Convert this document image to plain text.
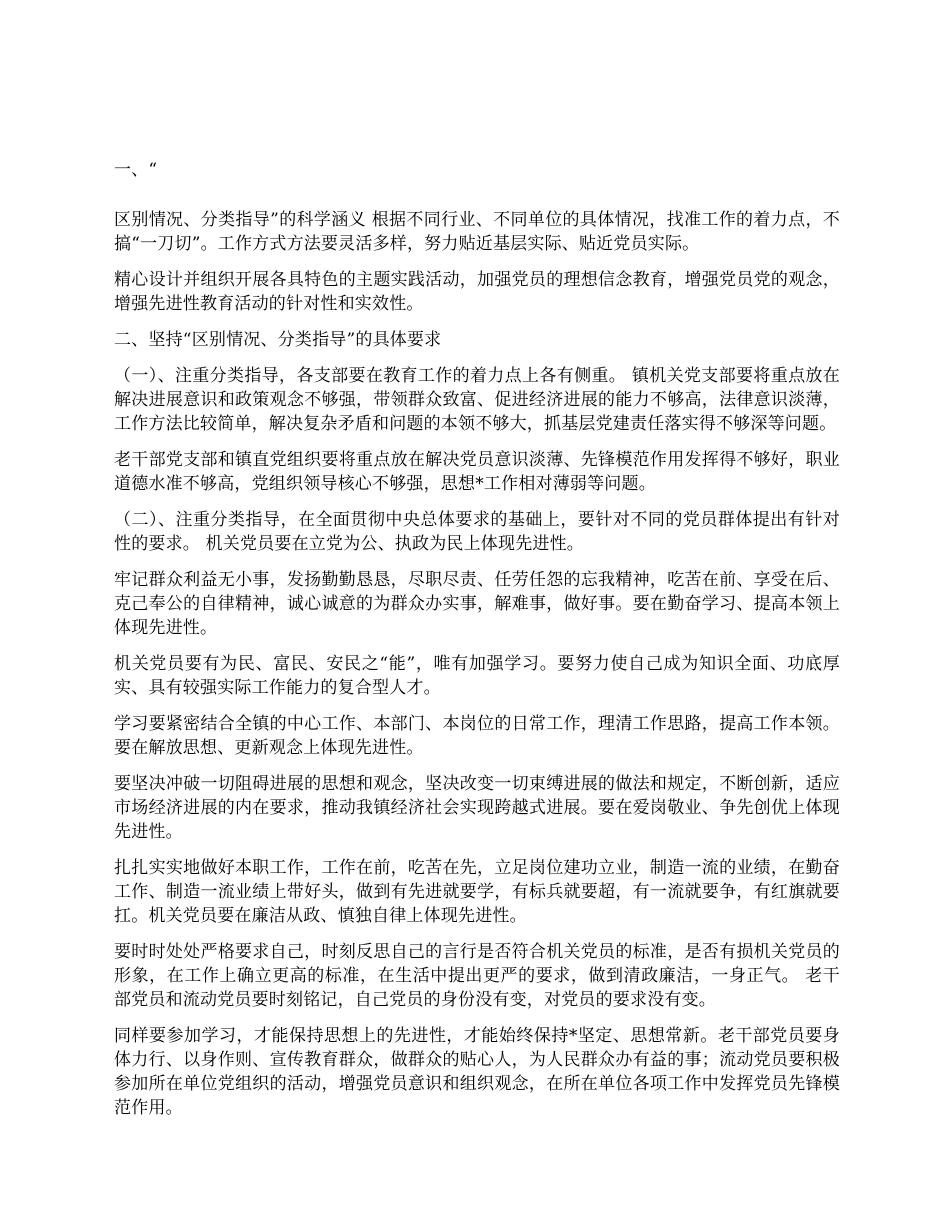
一、“

区别情况、分类指导”的科学涵义 根据不同行业、不同单位的具体情况，找准工作的着力点，不搞“一刀切”。工作方式方法要灵活多样，努力贴近基层实际、贴近党员实际。

精心设计并组织开展各具特色的主题实践活动，加强党员的理想信念教育，增强党员党的观念，增强先进性教育活动的针对性和实效性。

二、坚持“区别情况、分类指导”的具体要求

（一）、注重分类指导，各支部要在教育工作的着力点上各有侧重。 镇机关党支部要将重点放在解决进展意识和政策观念不够强，带领群众致富、促进经济进展的能力不够高，法律意识淡薄，工作方法比较简单，解决复杂矛盾和问题的本领不够大，抓基层党建责任落实得不够深等问题。

老干部党支部和镇直党组织要将重点放在解决党员意识淡薄、先锋模范作用发挥得不够好，职业道德水准不够高，党组织领导核心不够强，思想*工作相对薄弱等问题。

（二）、注重分类指导，在全面贯彻中央总体要求的基础上，要针对不同的党员群体提出有针对性的要求。 机关党员要在立党为公、执政为民上体现先进性。

牢记群众利益无小事，发扬勤勤恳恳，尽职尽责、任劳任怨的忘我精神，吃苦在前、享受在后、克己奉公的自律精神，诚心诚意的为群众办实事，解难事，做好事。要在勤奋学习、提高本领上体现先进性。

机关党员要有为民、富民、安民之“能”，唯有加强学习。要努力使自己成为知识全面、功底厚实、具有较强实际工作能力的复合型人才。

学习要紧密结合全镇的中心工作、本部门、本岗位的日常工作，理清工作思路，提高工作本领。要在解放思想、更新观念上体现先进性。

要坚决冲破一切阻碍进展的思想和观念，坚决改变一切束缚进展的做法和规定，不断创新，适应市场经济进展的内在要求，推动我镇经济社会实现跨越式进展。要在爱岗敬业、争先创优上体现先进性。

扎扎实实地做好本职工作，工作在前，吃苦在先，立足岗位建功立业，制造一流的业绩，在勤奋工作、制造一流业绩上带好头，做到有先进就要学，有标兵就要超，有一流就要争，有红旗就要扛。机关党员要在廉洁从政、慎独自律上体现先进性。

要时时处处严格要求自己，时刻反思自己的言行是否符合机关党员的标准，是否有损机关党员的形象，在工作上确立更高的标准，在生活中提出更严的要求，做到清政廉洁，一身正气。 老干部党员和流动党员要时刻铭记，自己党员的身份没有变，对党员的要求没有变。

同样要参加学习，才能保持思想上的先进性，才能始终保持*坚定、思想常新。老干部党员要身体力行、以身作则、宣传教育群众，做群众的贴心人，为人民群众办有益的事；流动党员要积极参加所在单位党组织的活动，增强党员意识和组织观念，在所在单位各项工作中发挥党员先锋模范作用。
